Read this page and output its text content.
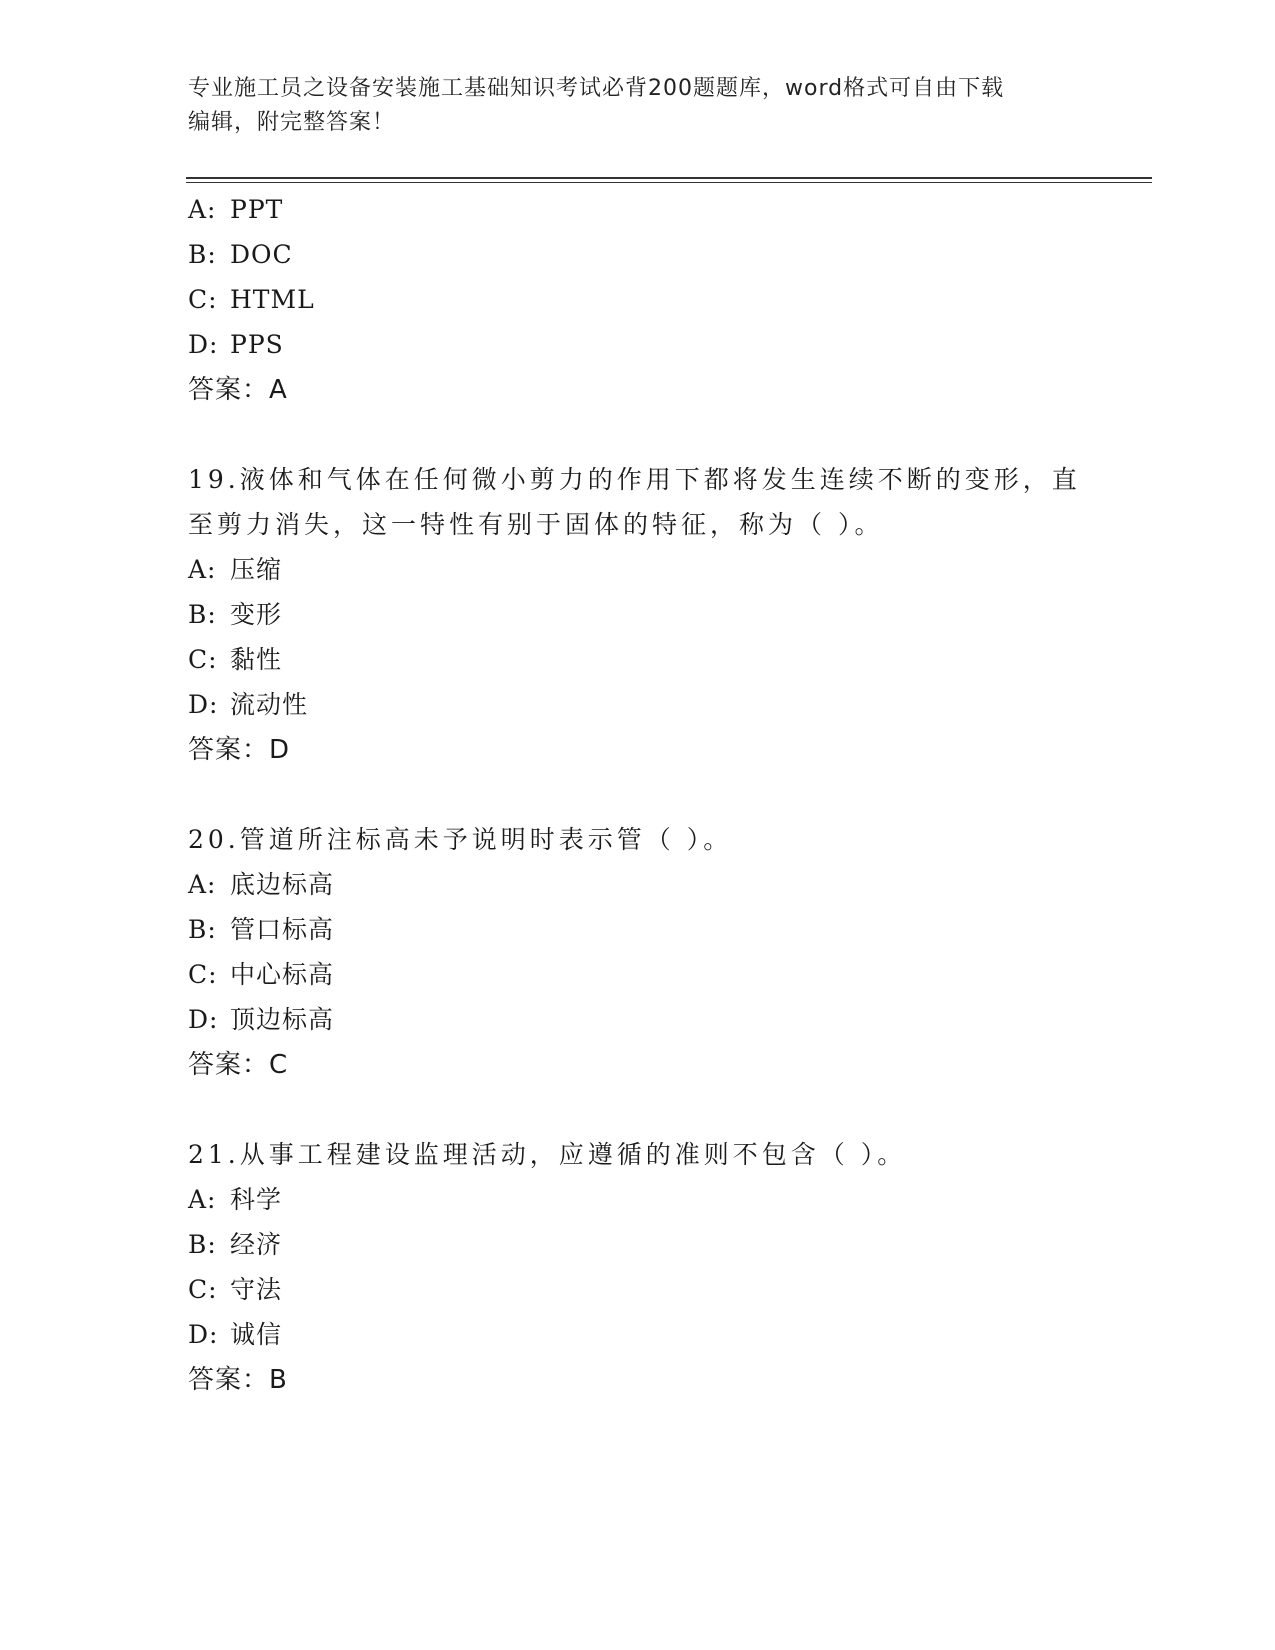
专业施工员之设备安装施工基础知识考试必背200题题库，word格式可自由下载
编辑，附完整答案！
A: PPT
B: DOC
C: HTML
D: PPS
答案：A
19.液体和气体在任何微小剪力的作用下都将发生连续不断的变形，直
至剪力消失，这一特性有别于固体的特征，称为（ ）。
A: 压缩
B: 变形
C: 黏性
D: 流动性
答案：D
20.管道所注标高未予说明时表示管（ ）。
A: 底边标高
B: 管口标高
C: 中心标高
D: 顶边标高
答案：C
21.从事工程建设监理活动，应遵循的准则不包含（ ）。
A: 科学
B: 经济
C: 守法
D: 诚信
答案：B
